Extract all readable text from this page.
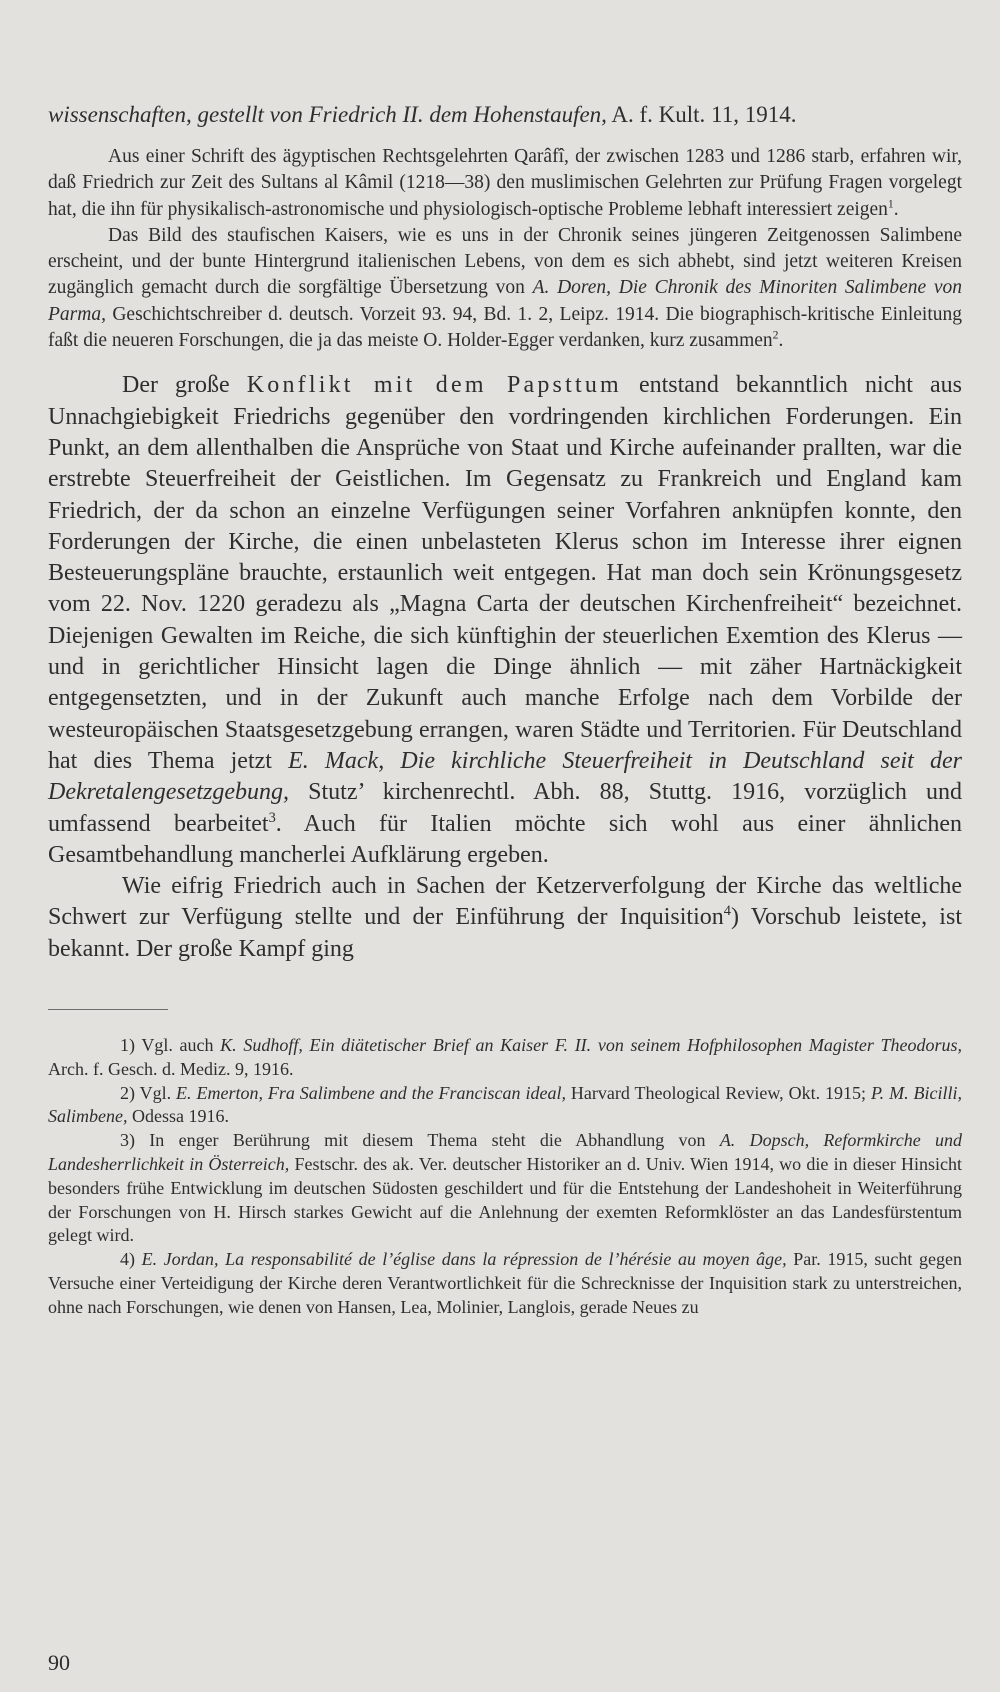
wissenschaften, gestellt von Friedrich II. dem Hohenstaufen, A. f. Kult. 11, 1914.

Aus einer Schrift des ägyptischen Rechtsgelehrten Qarâfî, der zwischen 1283 und 1286 starb, erfahren wir, daß Friedrich zur Zeit des Sultans al Kâmil (1218—38) den muslimischen Gelehrten zur Prüfung Fragen vorgelegt hat, die ihn für physikalisch-astronomische und physiologisch-optische Probleme lebhaft interessiert zeigen$^1$.

Das Bild des staufischen Kaisers, wie es uns in der Chronik seines jüngeren Zeitgenossen Salimbene erscheint, und der bunte Hintergrund italienischen Lebens, von dem es sich abhebt, sind jetzt weiteren Kreisen zugänglich gemacht durch die sorgfältige Übersetzung von A. Doren, Die Chronik des Minoriten Salimbene von Parma, Geschichtschreiber d. deutsch. Vorzeit 93. 94, Bd. 1. 2, Leipz. 1914. Die biographisch-kritische Einleitung faßt die neueren Forschungen, die ja das meiste O. Holder-Egger verdanken, kurz zusammen$^2$.

Der große Konflikt mit dem Papsttum entstand bekanntlich nicht aus Unnachgiebigkeit Friedrichs gegenüber den vordringenden kirchlichen Forderungen. Ein Punkt, an dem allenthalben die Ansprüche von Staat und Kirche aufeinander prallten, war die erstrebte Steuerfreiheit der Geistlichen. Im Gegensatz zu Frankreich und England kam Friedrich, der da schon an einzelne Verfügungen seiner Vorfahren anknüpfen konnte, den Forderungen der Kirche, die einen unbelasteten Klerus schon im Interesse ihrer eignen Besteuerungspläne brauchte, erstaunlich weit entgegen. Hat man doch sein Krönungsgesetz vom 22. Nov. 1220 geradezu als „Magna Carta der deutschen Kirchenfreiheit“ bezeichnet. Diejenigen Gewalten im Reiche, die sich künftighin der steuerlichen Exemtion des Klerus — und in gerichtlicher Hinsicht lagen die Dinge ähnlich — mit zäher Hartnäckigkeit entgegensetzten, und in der Zukunft auch manche Erfolge nach dem Vorbilde der westeuropäischen Staatsgesetzgebung errangen, waren Städte und Territorien. Für Deutschland hat dies Thema jetzt E. Mack, Die kirchliche Steuerfreiheit in Deutschland seit der Dekretalengesetzgebung, Stutz’ kirchenrechtl. Abh. 88, Stuttg. 1916, vorzüglich und umfassend bearbeitet$^3$. Auch für Italien möchte sich wohl aus einer ähnlichen Gesamtbehandlung mancherlei Aufklärung ergeben.

Wie eifrig Friedrich auch in Sachen der Ketzerverfolgung der Kirche das weltliche Schwert zur Verfügung stellte und der Einführung der Inquisition$^4$) Vorschub leistete, ist bekannt. Der große Kampf ging

1) Vgl. auch K. Sudhoff, Ein diätetischer Brief an Kaiser F. II. von seinem Hofphilosophen Magister Theodorus, Arch. f. Gesch. d. Mediz. 9, 1916.

2) Vgl. E. Emerton, Fra Salimbene and the Franciscan ideal, Harvard Theological Review, Okt. 1915; P. M. Bicilli, Salimbene, Odessa 1916.

3) In enger Berührung mit diesem Thema steht die Abhandlung von A. Dopsch, Reformkirche und Landesherrlichkeit in Österreich, Festschr. des ak. Ver. deutscher Historiker an d. Univ. Wien 1914, wo die in dieser Hinsicht besonders frühe Entwicklung im deutschen Südosten geschildert und für die Entstehung der Landeshoheit in Weiterführung der Forschungen von H. Hirsch starkes Gewicht auf die Anlehnung der exemten Reformklöster an das Landesfürstentum gelegt wird.

4) E. Jordan, La responsabilité de l’église dans la répression de l’hérésie au moyen âge, Par. 1915, sucht gegen Versuche einer Verteidigung der Kirche deren Verantwortlichkeit für die Schrecknisse der Inquisition stark zu unterstreichen, ohne nach Forschungen, wie denen von Hansen, Lea, Molinier, Langlois, gerade Neues zu

90
